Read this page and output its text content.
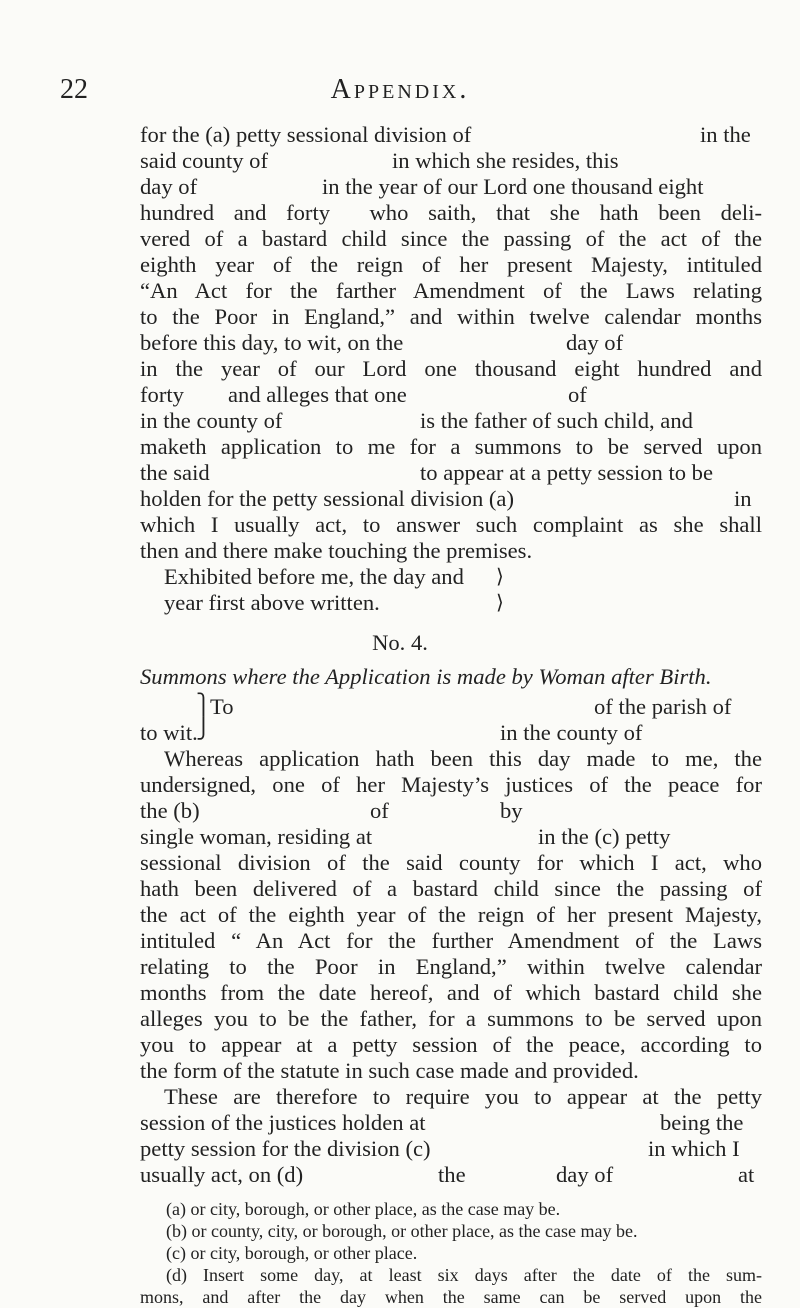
22	Appendix.
for the (a) petty sessional division of	in the
said county of	in which she resides, this
day of	in the year of our Lord one thousand eight
hundred and forty  who saith, that she hath been deli-
vered of a bastard child since the passing of the act of the
eighth year of the reign of her present Majesty, intituled
“An Act for the farther Amendment of the Laws relating
to the Poor in England,” and within twelve calendar months
before this day, to wit, on the	day of
in the year of our Lord one thousand eight hundred and
forty and alleges that one	of
in the county of	is the father of such child, and
maketh application to me for a summons to be served upon
the said	to appear at a petty session to be
holden for the petty sessional division (a)	in
which I usually act, to answer such complaint as she shall
then and there make touching the premises.
Exhibited before me, the day and
year first above written.
⟩
⟩
No. 4.
Summons where the Application is made by Woman after Birth.
⎫
⎭
To	of the parish of
to wit.	in the county of
Whereas application hath been this day made to me, the
undersigned, one of her Majesty’s justices of the peace for
the (b)	of	by
single woman, residing at	in the (c) petty
sessional division of the said county for which I act, who
hath been delivered of a bastard child since the passing of
the act of the eighth year of the reign of her present Majesty,
intituled “ An Act for the further Amendment of the Laws
relating to the Poor in England,” within twelve calendar
months from the date hereof, and of which bastard child she
alleges you to be the father, for a summons to be served upon
you to appear at a petty session of the peace, according to
the form of the statute in such case made and provided.
These are therefore to require you to appear at the petty
session of the justices holden at	being the
petty session for the division (c)	in which I
usually act, on (d)	the	day of	at
(a) or city, borough, or other place, as the case may be.
(b) or county, city, or borough, or other place, as the case may be.
(c) or city, borough, or other place.
(d) Insert some day, at least six days after the date of the sum-
mons, and after the day when the same can be served upon the
